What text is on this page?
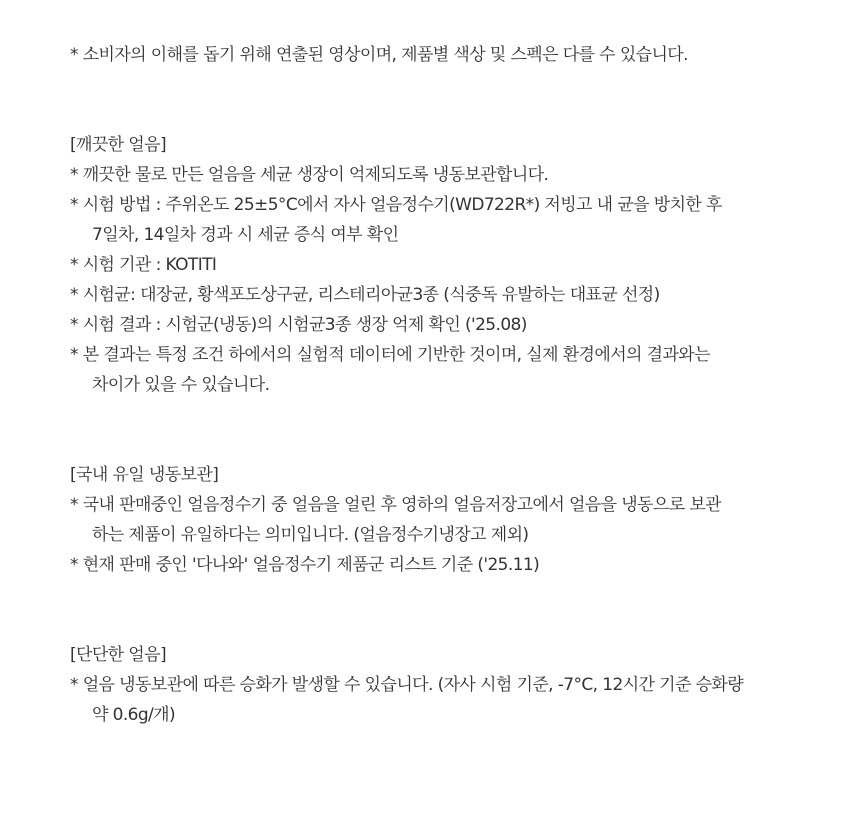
* 소비자의 이해를 돕기 위해 연출된 영상이며, 제품별 색상 및 스펙은 다를 수 있습니다.
[깨끗한 얼음]
* 깨끗한 물로 만든 얼음을 세균 생장이 억제되도록 냉동보관합니다.
* 시험 방법 : 주위온도 25±5°C에서 자사 얼음정수기(WD722R*) 저빙고 내 균을 방치한 후
7일차, 14일차 경과 시 세균 증식 여부 확인
* 시험 기관 : KOTITI
* 시험균: 대장균, 황색포도상구균, 리스테리아균3종 (식중독 유발하는 대표균 선정)
* 시험 결과 : 시험군(냉동)의 시험균3종 생장 억제 확인 ('25.08)
* 본 결과는 특정 조건 하에서의 실험적 데이터에 기반한 것이며, 실제 환경에서의 결과와는
차이가 있을 수 있습니다.
[국내 유일 냉동보관]
* 국내 판매중인 얼음정수기 중 얼음을 얼린 후 영하의 얼음저장고에서 얼음을 냉동으로 보관
하는 제품이 유일하다는 의미입니다. (얼음정수기냉장고 제외)
* 현재 판매 중인 '다나와' 얼음정수기 제품군 리스트 기준 ('25.11)
[단단한 얼음]
* 얼음 냉동보관에 따른 승화가 발생할 수 있습니다. (자사 시험 기준, -7°C, 12시간 기준 승화량
약 0.6g/개)
